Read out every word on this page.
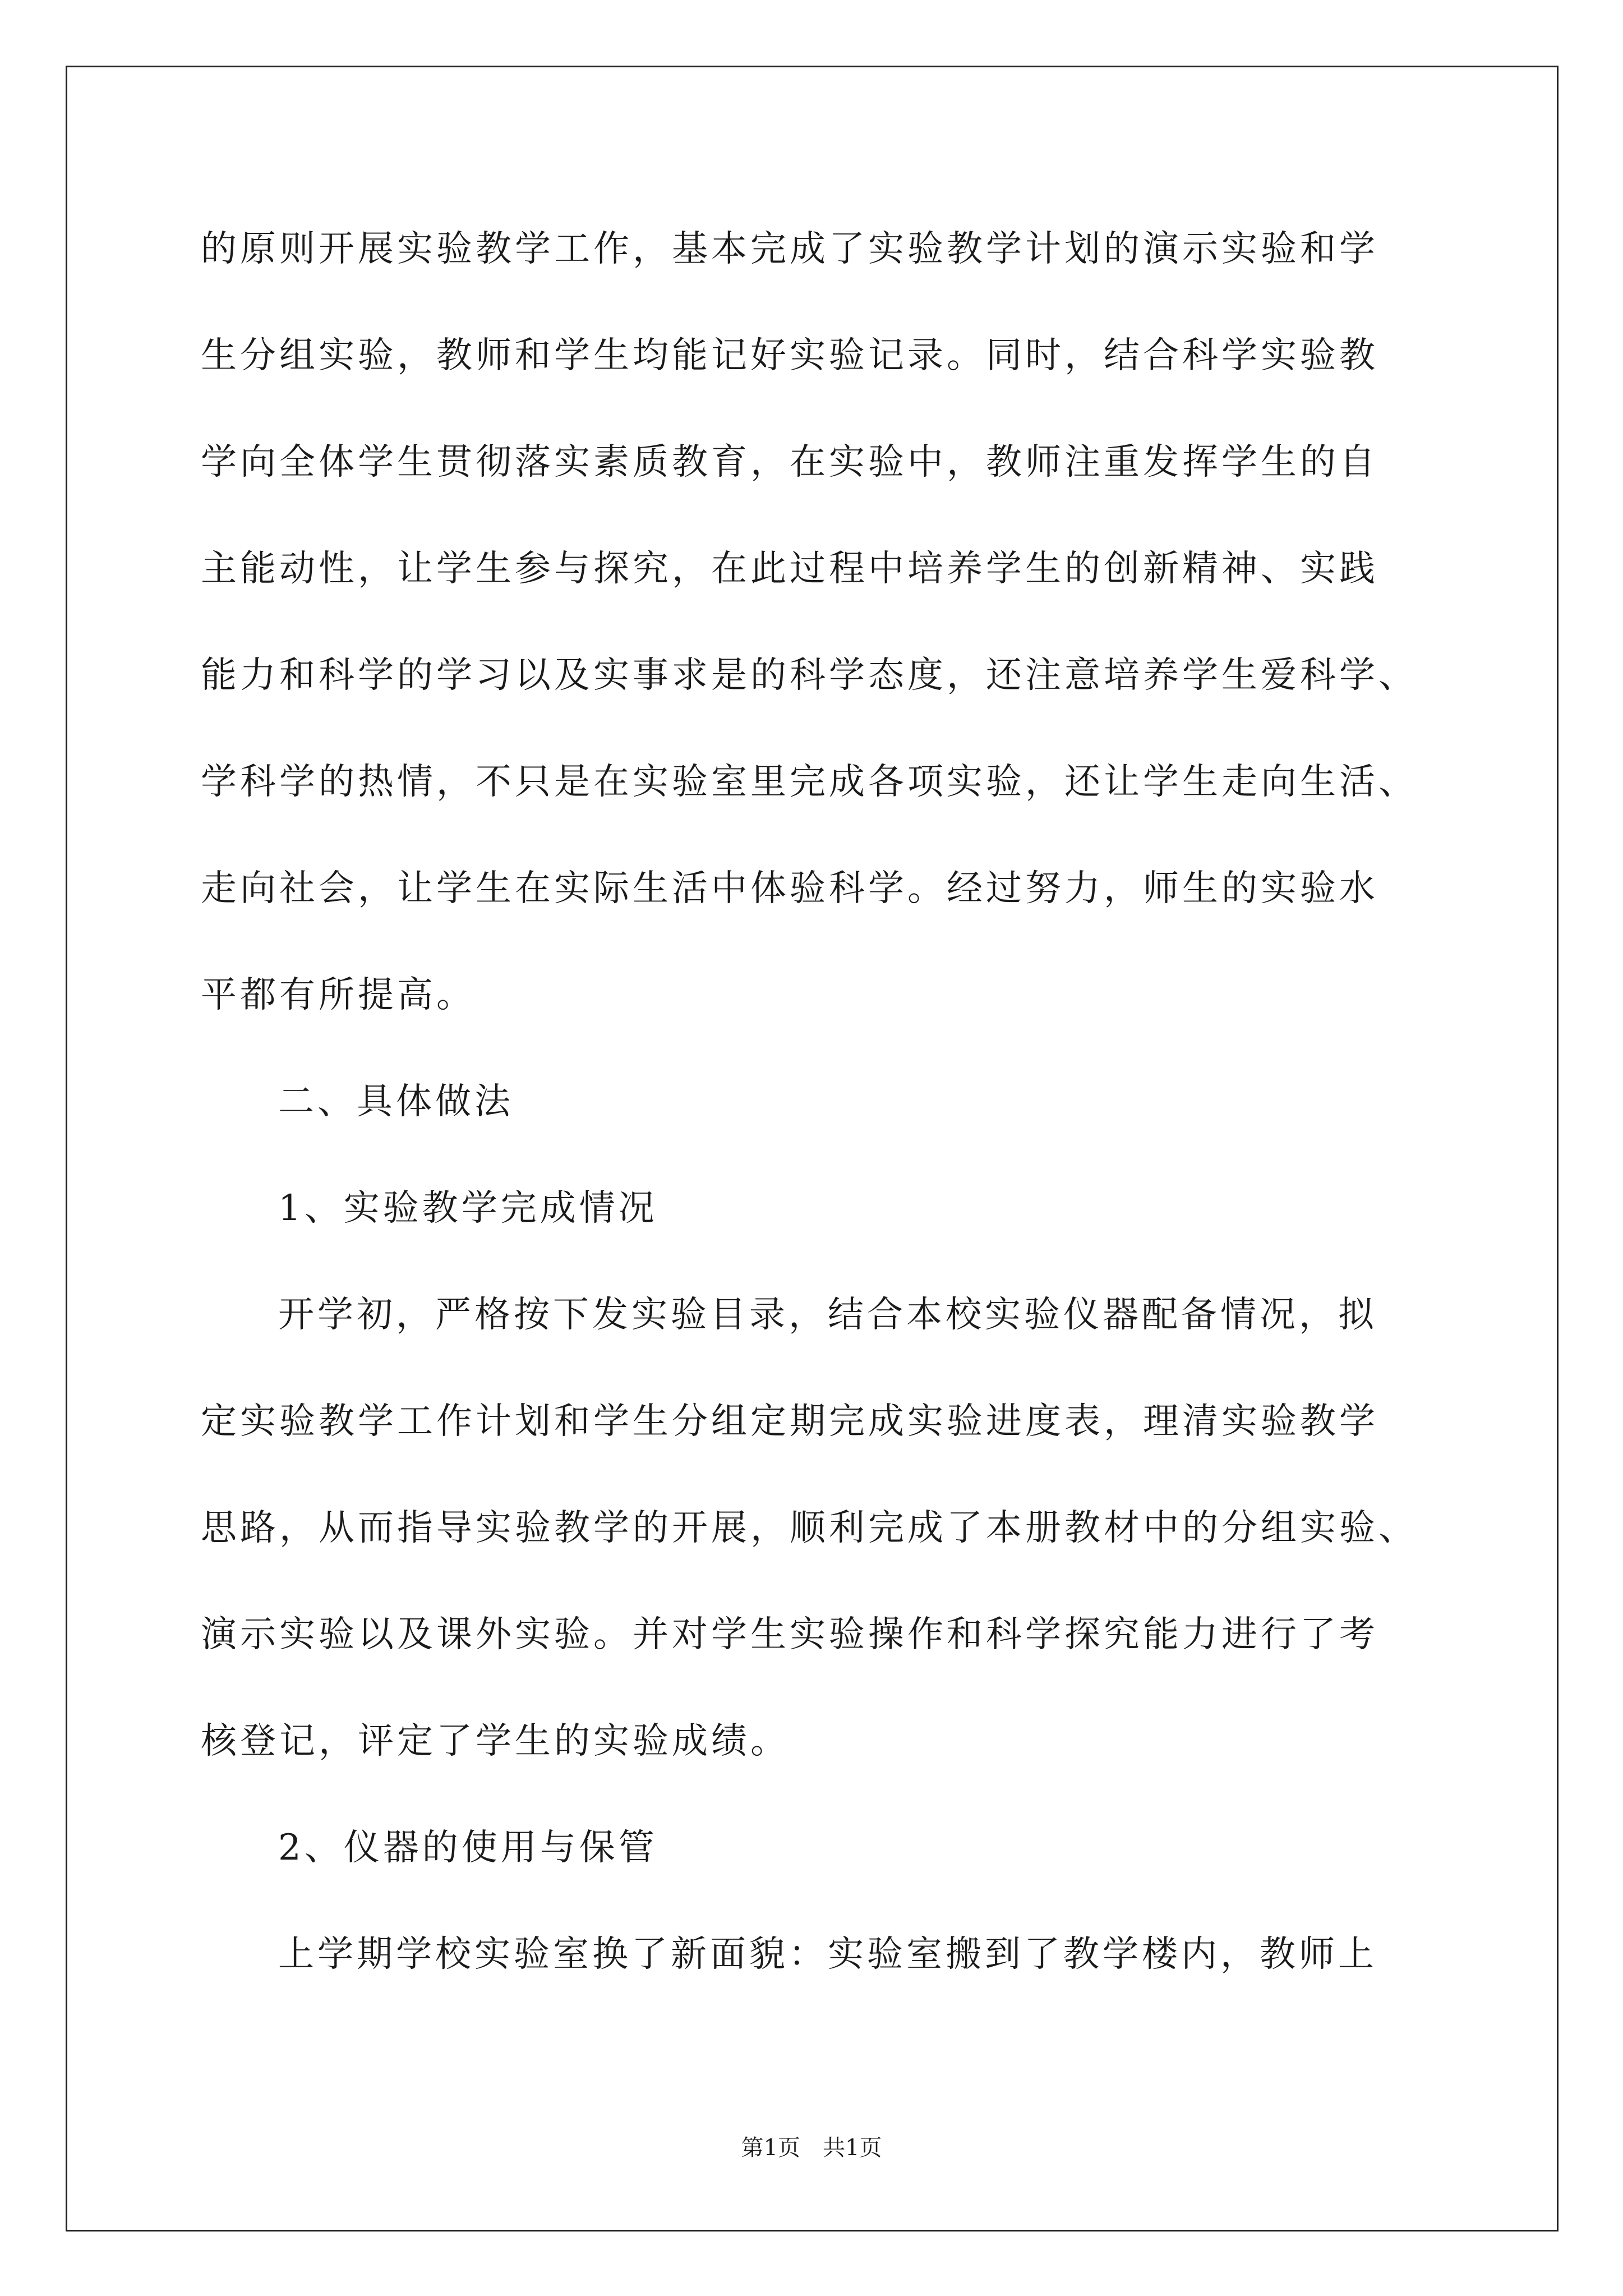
的原则开展实验教学工作，基本完成了实验教学计划的演示实验和学
生分组实验，教师和学生均能记好实验记录。同时，结合科学实验教
学向全体学生贯彻落实素质教育，在实验中，教师注重发挥学生的自
主能动性，让学生参与探究，在此过程中培养学生的创新精神、实践
能力和科学的学习以及实事求是的科学态度，还注意培养学生爱科学、
学科学的热情，不只是在实验室里完成各项实验，还让学生走向生活、
走向社会，让学生在实际生活中体验科学。经过努力，师生的实验水
平都有所提高。
二、具体做法
1、实验教学完成情况
开学初，严格按下发实验目录，结合本校实验仪器配备情况，拟
定实验教学工作计划和学生分组定期完成实验进度表，理清实验教学
思路，从而指导实验教学的开展，顺利完成了本册教材中的分组实验、
演示实验以及课外实验。并对学生实验操作和科学探究能力进行了考
核登记，评定了学生的实验成绩。
2、仪器的使用与保管
上学期学校实验室换了新面貌：实验室搬到了教学楼内，教师上
第1页　共1页
